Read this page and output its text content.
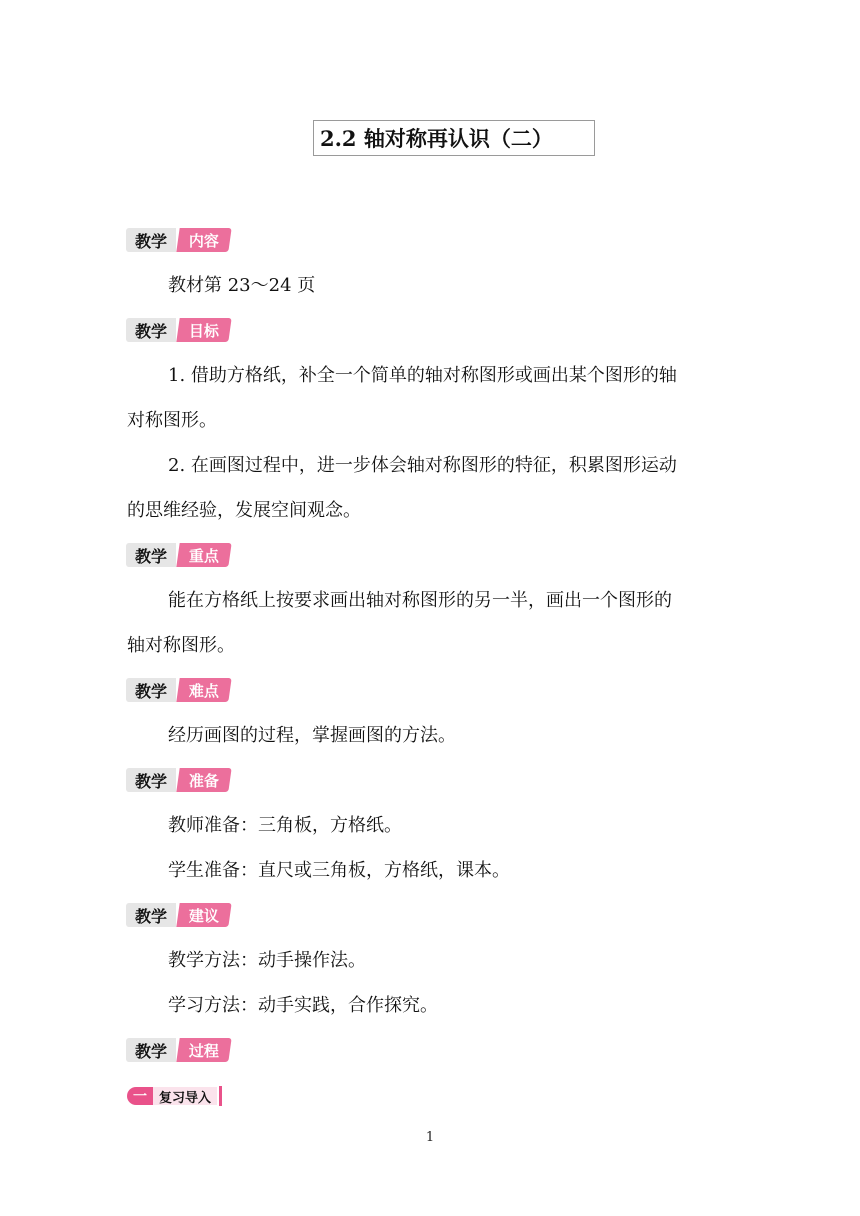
2.2 轴对称再认识（二）
教学	内容
教材第 23～24 页
教学	目标
1. 借助方格纸，补全一个简单的轴对称图形或画出某个图形的轴
对称图形。
2. 在画图过程中，进一步体会轴对称图形的特征，积累图形运动
的思维经验，发展空间观念。
教学	重点
能在方格纸上按要求画出轴对称图形的另一半，画出一个图形的
轴对称图形。
教学	难点
经历画图的过程，掌握画图的方法。
教学	准备
教师准备：三角板，方格纸。
学生准备：直尺或三角板，方格纸，课本。
教学	建议
教学方法：动手操作法。
学习方法：动手实践，合作探究。
教学	过程
一 复习导入
1
